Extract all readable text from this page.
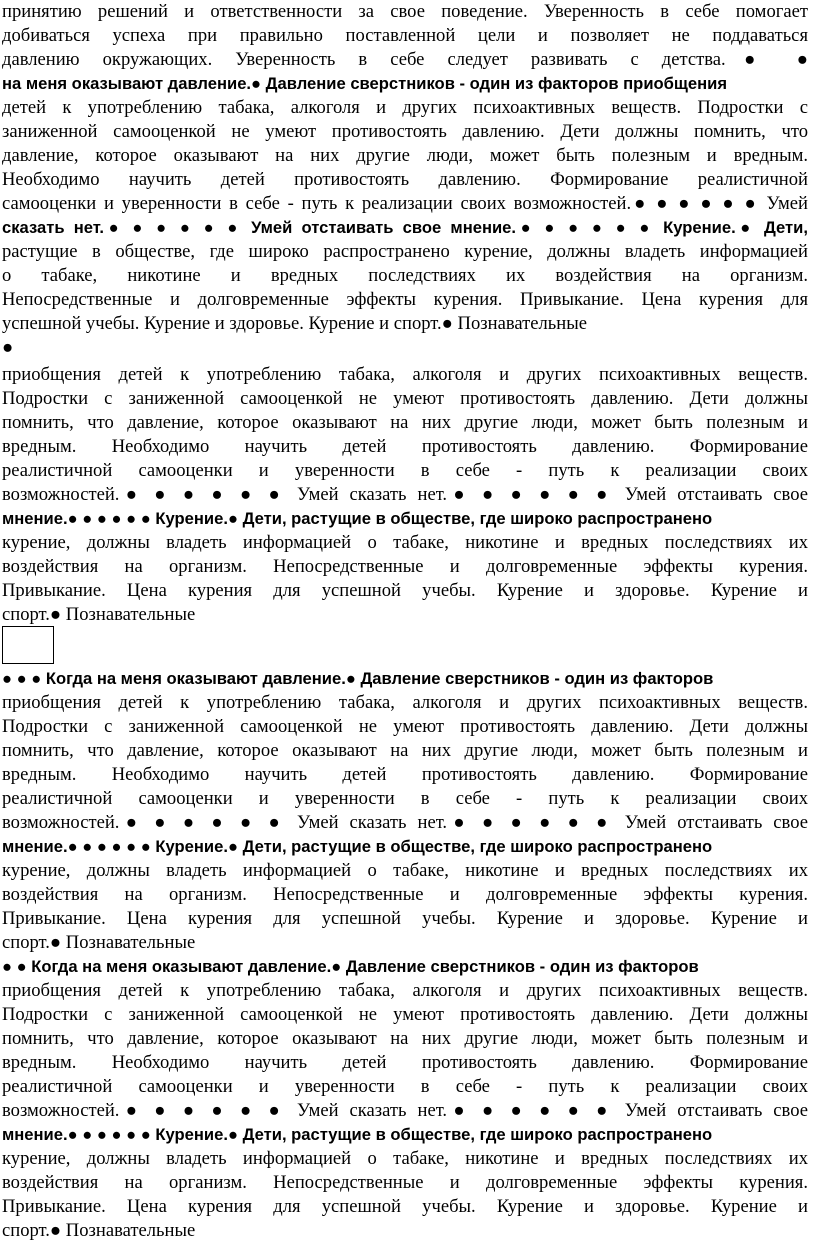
принятию решений и ответственности за свое поведение. Уверенность в себе помогает
добиваться успеха при правильно поставленной цели и позволяет не поддаваться
давлению окружающих. Уверенность в себе следует развивать с детства.● ●
на меня оказывают давление.● Давление сверстников - один из факторов приобщения
детей к употреблению табака, алкоголя и других психоактивных веществ. Подростки с
заниженной самооценкой не умеют противостоять давлению. Дети должны помнить, что
давление, которое оказывают на них другие люди, может быть полезным и вредным.
Необходимо научить детей противостоять давлению. Формирование реалистичной
самооценки и уверенности в себе - путь к реализации своих возможностей.● ● ● ● ● ● Умей
сказать нет.● ● ● ● ● ● Умей отстаивать свое мнение.● ● ● ● ● ● Курение.● Дети,
растущие в обществе, где широко распространено курение, должны владеть информацией
о табаке, никотине и вредных последствиях их воздействия на организм.
Непосредственные и долговременные эффекты курения. Привыкание. Цена курения для
успешной учебы. Курение и здоровье. Курение и спорт.● Познавательные
●
приобщения детей к употреблению табака, алкоголя и других психоактивных веществ.
Подростки с заниженной самооценкой не умеют противостоять давлению. Дети должны
помнить, что давление, которое оказывают на них другие люди, может быть полезным и
вредным. Необходимо научить детей противостоять давлению. Формирование
реалистичной самооценки и уверенности в себе - путь к реализации своих
возможностей.● ● ● ● ● ● Умей сказать нет.● ● ● ● ● ● Умей отстаивать свое
мнение.● ● ● ● ● ● Курение.● Дети, растущие в обществе, где широко распространено
курение, должны владеть информацией о табаке, никотине и вредных последствиях их
воздействия на организм. Непосредственные и долговременные эффекты курения.
Привыкание. Цена курения для успешной учебы. Курение и здоровье. Курение и
спорт.● Познавательные
● ● ● Когда на меня оказывают давление.● Давление сверстников - один из факторов
приобщения детей к употреблению табака, алкоголя и других психоактивных веществ.
Подростки с заниженной самооценкой не умеют противостоять давлению. Дети должны
помнить, что давление, которое оказывают на них другие люди, может быть полезным и
вредным. Необходимо научить детей противостоять давлению. Формирование
реалистичной самооценки и уверенности в себе - путь к реализации своих
возможностей.● ● ● ● ● ● Умей сказать нет.● ● ● ● ● ● Умей отстаивать свое
мнение.● ● ● ● ● ● Курение.● Дети, растущие в обществе, где широко распространено
курение, должны владеть информацией о табаке, никотине и вредных последствиях их
воздействия на организм. Непосредственные и долговременные эффекты курения.
Привыкание. Цена курения для успешной учебы. Курение и здоровье. Курение и
спорт.● Познавательные
● ● Когда на меня оказывают давление.● Давление сверстников - один из факторов
приобщения детей к употреблению табака, алкоголя и других психоактивных веществ.
Подростки с заниженной самооценкой не умеют противостоять давлению. Дети должны
помнить, что давление, которое оказывают на них другие люди, может быть полезным и
вредным. Необходимо научить детей противостоять давлению. Формирование
реалистичной самооценки и уверенности в себе - путь к реализации своих
возможностей.● ● ● ● ● ● Умей сказать нет.● ● ● ● ● ● Умей отстаивать свое
мнение.● ● ● ● ● ● Курение.● Дети, растущие в обществе, где широко распространено
курение, должны владеть информацией о табаке, никотине и вредных последствиях их
воздействия на организм. Непосредственные и долговременные эффекты курения.
Привыкание. Цена курения для успешной учебы. Курение и здоровье. Курение и
спорт.● Познавательные
